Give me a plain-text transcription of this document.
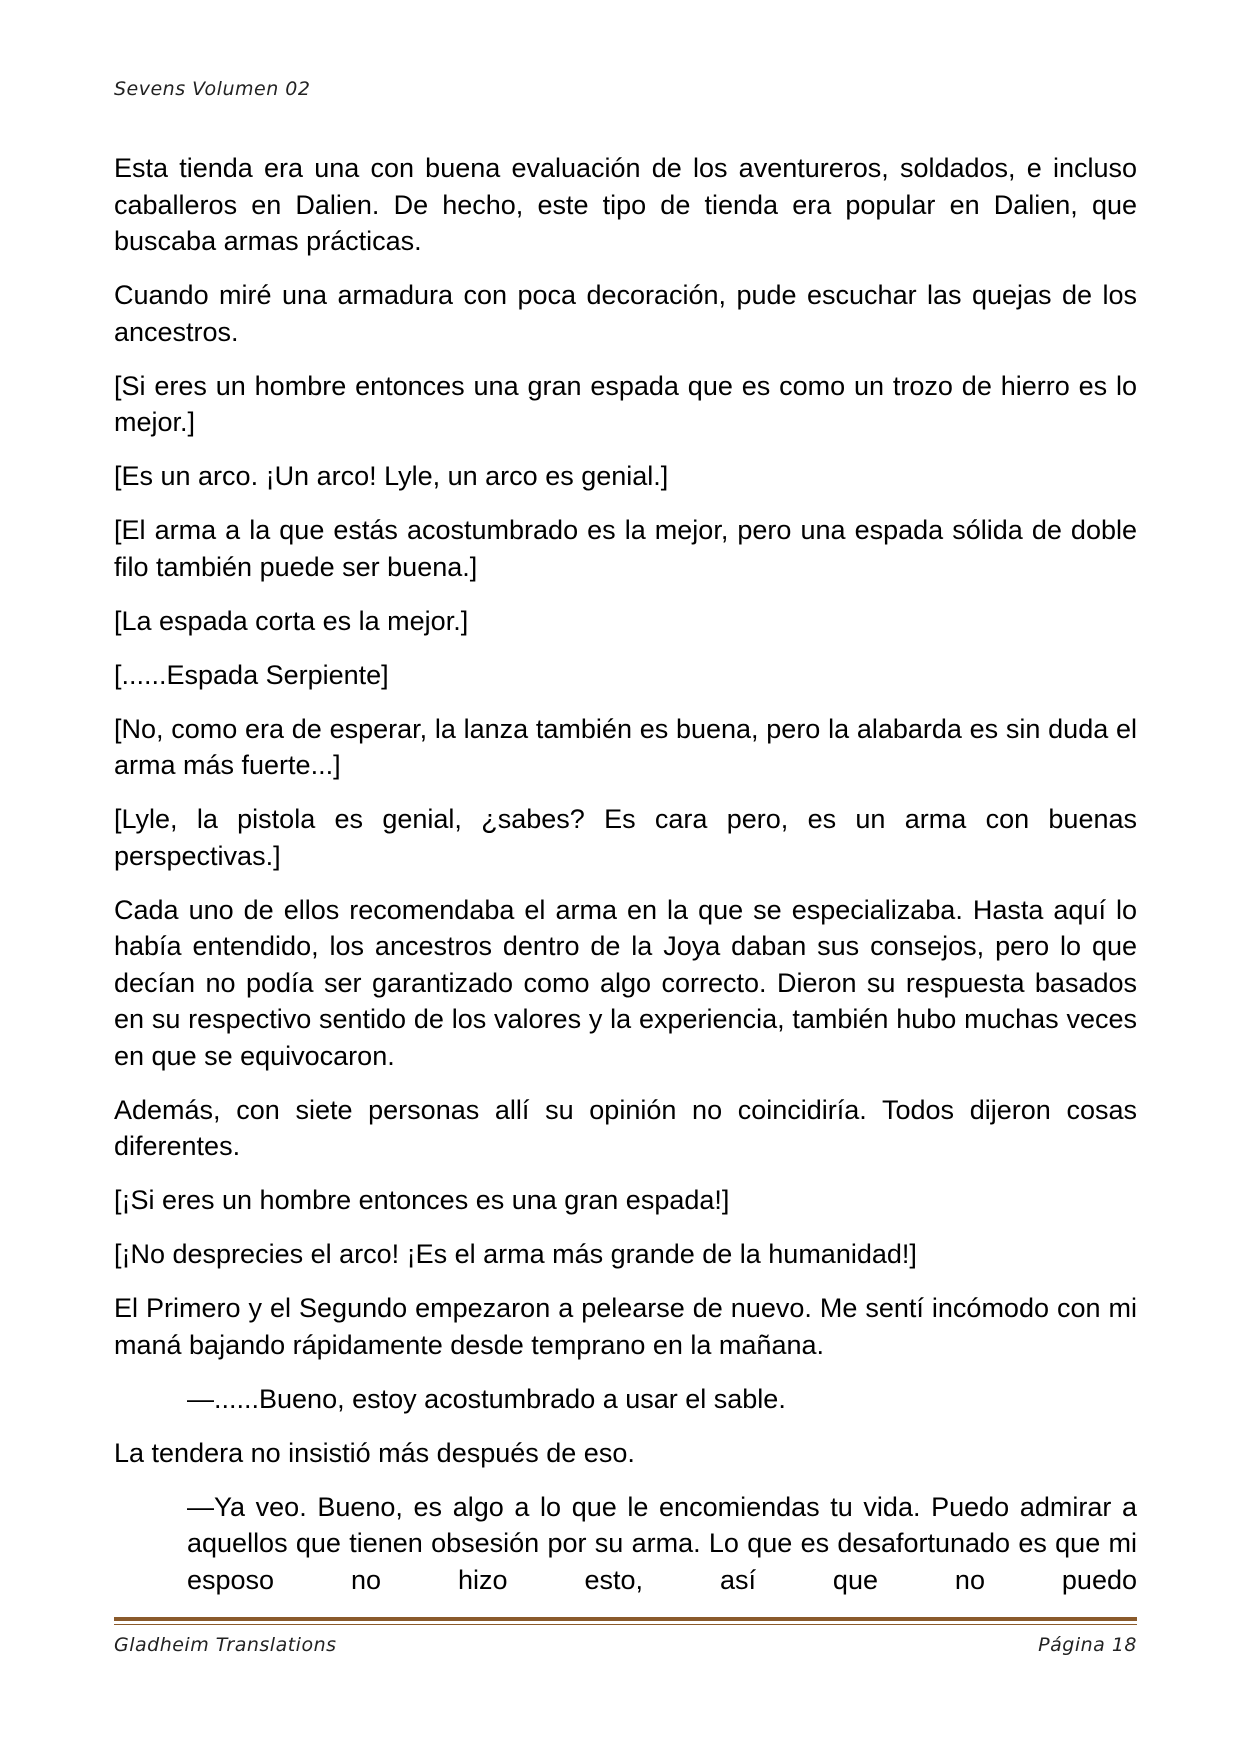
Sevens Volumen 02

Esta tienda era una con buena evaluación de los aventureros, soldados, e incluso caballeros en Dalien. De hecho, este tipo de tienda era popular en Dalien, que buscaba armas prácticas.

Cuando miré una armadura con poca decoración, pude escuchar las quejas de los ancestros.

[Si eres un hombre entonces una gran espada que es como un trozo de hierro es lo mejor.]

[Es un arco. ¡Un arco! Lyle, un arco es genial.]

[El arma a la que estás acostumbrado es la mejor, pero una espada sólida de doble filo también puede ser buena.]

[La espada corta es la mejor.]

[......Espada Serpiente]

[No, como era de esperar, la lanza también es buena, pero la alabarda es sin duda el arma más fuerte...]

[Lyle, la pistola es genial, ¿sabes? Es cara pero, es un arma con buenas perspectivas.]

Cada uno de ellos recomendaba el arma en la que se especializaba. Hasta aquí lo había entendido, los ancestros dentro de la Joya daban sus consejos, pero lo que decían no podía ser garantizado como algo correcto. Dieron su respuesta basados en su respectivo sentido de los valores y la experiencia, también hubo muchas veces en que se equivocaron.

Además, con siete personas allí su opinión no coincidiría. Todos dijeron cosas diferentes.

[¡Si eres un hombre entonces es una gran espada!]

[¡No desprecies el arco! ¡Es el arma más grande de la humanidad!]

El Primero y el Segundo empezaron a pelearse de nuevo. Me sentí incómodo con mi maná bajando rápidamente desde temprano en la mañana.

—......Bueno, estoy acostumbrado a usar el sable.

La tendera no insistió más después de eso.

—Ya veo. Bueno, es algo a lo que le encomiendas tu vida. Puedo admirar a aquellos que tienen obsesión por su arma. Lo que es desafortunado es que mi esposo no hizo esto, así que no puedo

Gladheim Translations	Página 18
